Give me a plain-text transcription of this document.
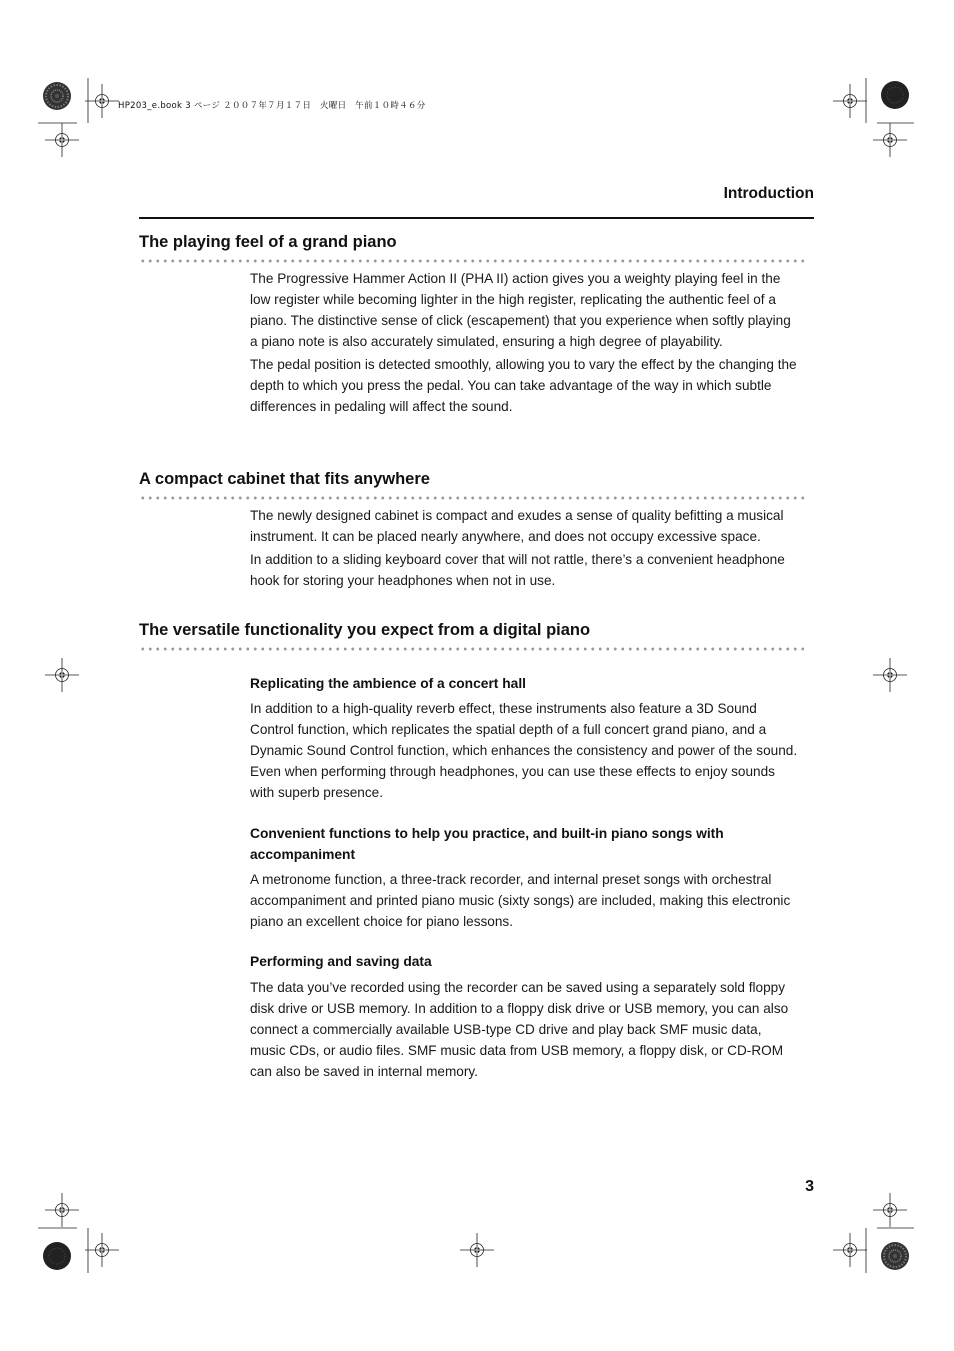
HP203_e.book 3 ページ ２００７年７月１７日　火曜日　午前１０時４６分
Introduction
The playing feel of a grand piano

The Progressive Hammer Action II (PHA II) action gives you a weighty playing feel in the low register while becoming lighter in the high register, replicating the authentic feel of a piano. The distinctive sense of click (escapement) that you experience when softly playing a piano note is also accurately simulated, ensuring a high degree of playability.

The pedal position is detected smoothly, allowing you to vary the effect by the changing the depth to which you press the pedal. You can take advantage of the way in which subtle differences in pedaling will affect the sound.

A compact cabinet that fits anywhere

The newly designed cabinet is compact and exudes a sense of quality befitting a musical instrument. It can be placed nearly anywhere, and does not occupy excessive space.

In addition to a sliding keyboard cover that will not rattle, there’s a convenient headphone hook for storing your headphones when not in use.

The versatile functionality you expect from a digital piano
Replicating the ambience of a concert hall

In addition to a high-quality reverb effect, these instruments also feature a 3D Sound Control function, which replicates the spatial depth of a full concert grand piano, and a Dynamic Sound Control function, which enhances the consistency and power of the sound. Even when performing through headphones, you can use these effects to enjoy sounds with superb presence.

Convenient functions to help you practice, and built-in piano songs with accompaniment

A metronome function, a three-track recorder, and internal preset songs with orchestral accompaniment and printed piano music (sixty songs) are included, making this electronic piano an excellent choice for piano lessons.

Performing and saving data

The data you’ve recorded using the recorder can be saved using a separately sold floppy disk drive or USB memory. In addition to a floppy disk drive or USB memory, you can also connect a commercially available USB-type CD drive and play back SMF music data, music CDs, or audio files. SMF music data from USB memory, a floppy disk, or CD-ROM can also be saved in internal memory.

3
